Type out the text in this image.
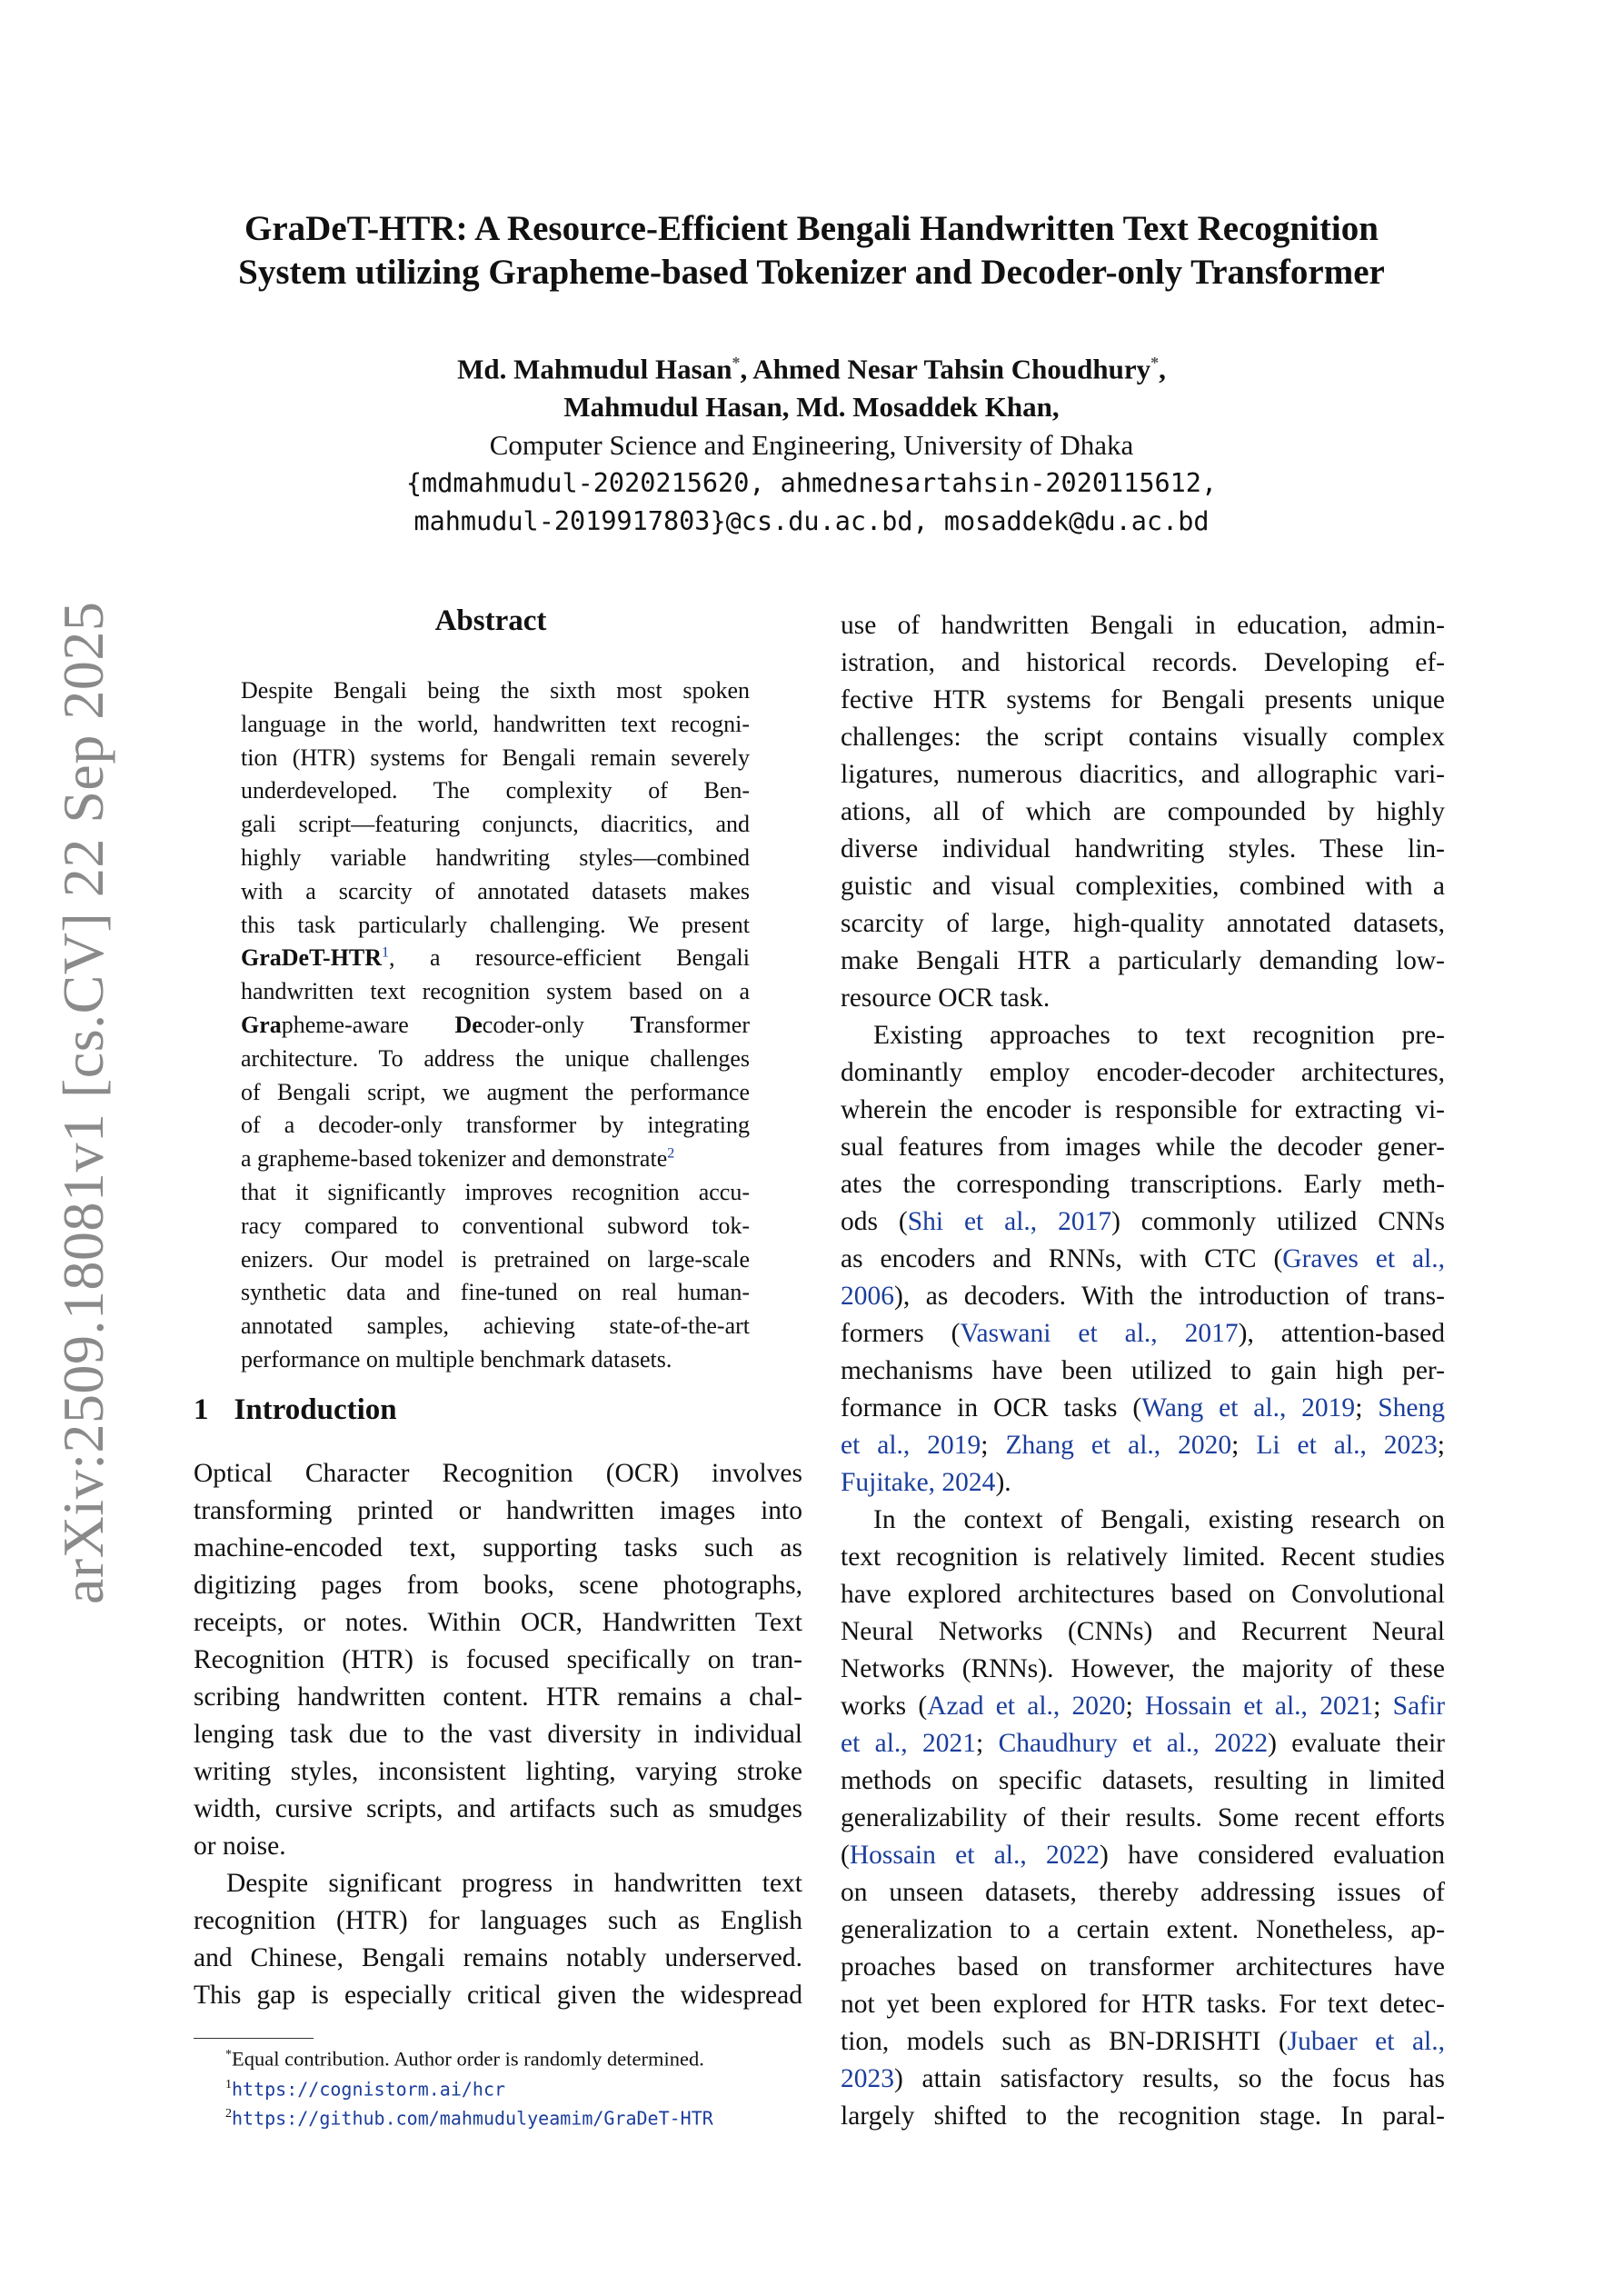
arXiv:2509.18081v1 [cs.CV] 22 Sep 2025
GraDeT-HTR: A Resource-Efficient Bengali Handwritten Text Recognition
System utilizing Grapheme-based Tokenizer and Decoder-only Transformer
Md. Mahmudul Hasan*, Ahmed Nesar Tahsin Choudhury*,
Mahmudul Hasan, Md. Mosaddek Khan,
Computer Science and Engineering, University of Dhaka
{mdmahmudul-2020215620, ahmednesartahsin-2020115612,
mahmudul-2019917803}@cs.du.ac.bd, mosaddek@du.ac.bd
Abstract
Despite Bengali being the sixth most spoken
language in the world, handwritten text recogni-
tion (HTR) systems for Bengali remain severely
underdeveloped. The complexity of Ben-
gali script—featuring conjuncts, diacritics, and
highly variable handwriting styles—combined
with a scarcity of annotated datasets makes
this task particularly challenging. We present
GraDeT-HTR$^1$, a resource-efficient Bengali
handwritten text recognition system based on a
Grapheme-aware Decoder-only Transformer
architecture. To address the unique challenges
of Bengali script, we augment the performance
of a decoder-only transformer by integrating
a grapheme-based tokenizer and demonstrate$^2$
that it significantly improves recognition accu-
racy compared to conventional subword tok-
enizers. Our model is pretrained on large-scale
synthetic data and fine-tuned on real human-
annotated samples, achieving state-of-the-art
performance on multiple benchmark datasets.
1 Introduction
Optical Character Recognition (OCR) involves
transforming printed or handwritten images into
machine-encoded text, supporting tasks such as
digitizing pages from books, scene photographs,
receipts, or notes. Within OCR, Handwritten Text
Recognition (HTR) is focused specifically on tran-
scribing handwritten content. HTR remains a chal-
lenging task due to the vast diversity in individual
writing styles, inconsistent lighting, varying stroke
width, cursive scripts, and artifacts such as smudges
or noise.
Despite significant progress in handwritten text
recognition (HTR) for languages such as English
and Chinese, Bengali remains notably underserved.
This gap is especially critical given the widespread
use of handwritten Bengali in education, admin-
istration, and historical records. Developing ef-
fective HTR systems for Bengali presents unique
challenges: the script contains visually complex
ligatures, numerous diacritics, and allographic vari-
ations, all of which are compounded by highly
diverse individual handwriting styles. These lin-
guistic and visual complexities, combined with a
scarcity of large, high-quality annotated datasets,
make Bengali HTR a particularly demanding low-
resource OCR task.
Existing approaches to text recognition pre-
dominantly employ encoder-decoder architectures,
wherein the encoder is responsible for extracting vi-
sual features from images while the decoder gener-
ates the corresponding transcriptions. Early meth-
ods (Shi et al., 2017) commonly utilized CNNs
as encoders and RNNs, with CTC (Graves et al.,
2006), as decoders. With the introduction of trans-
formers (Vaswani et al., 2017), attention-based
mechanisms have been utilized to gain high per-
formance in OCR tasks (Wang et al., 2019; Sheng
et al., 2019; Zhang et al., 2020; Li et al., 2023;
Fujitake, 2024).
In the context of Bengali, existing research on
text recognition is relatively limited. Recent studies
have explored architectures based on Convolutional
Neural Networks (CNNs) and Recurrent Neural
Networks (RNNs). However, the majority of these
works (Azad et al., 2020; Hossain et al., 2021; Safir
et al., 2021; Chaudhury et al., 2022) evaluate their
methods on specific datasets, resulting in limited
generalizability of their results. Some recent efforts
(Hossain et al., 2022) have considered evaluation
on unseen datasets, thereby addressing issues of
generalization to a certain extent. Nonetheless, ap-
proaches based on transformer architectures have
not yet been explored for HTR tasks. For text detec-
tion, models such as BN-DRISHTI (Jubaer et al.,
2023) attain satisfactory results, so the focus has
largely shifted to the recognition stage. In paral-
*Equal contribution. Author order is randomly determined.
$^1$https://cognistorm.ai/hcr
$^2$https://github.com/mahmudulyeamim/GraDeT-HTR
